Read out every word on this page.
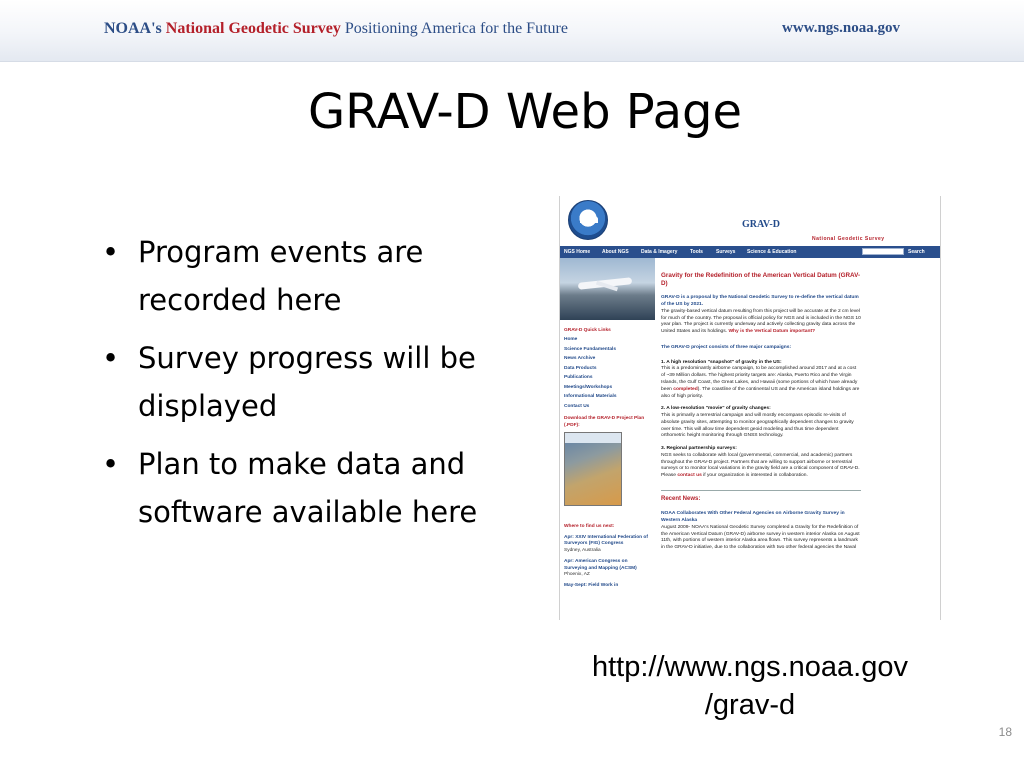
NOAA's National Geodetic Survey Positioning America for the Future	www.ngs.noaa.gov
GRAV-D Web Page
• Program events are recorded here
• Survey progress will be displayed
• Plan to make data and software available here
GRAV-D
National Geodetic Survey
NGS Home About NGS Data & Imagery	Tools	Surveys Science & Education	Search
GRAV-D Quick Links
Home
Science Fundamentals
News Archive
Data Products
Publications
Meetings/Workshops
Informational Materials
Contact Us
Download the GRAV-D Project Plan (.PDF):
Where to find us next:
Apr: XXIV International Federation of Surveyors (FIG) Congress
Sydney, Australia
Apr: American Congress on Surveying and Mapping (ACSM)
Phoenix, AZ
May-Sept: Field Work in
Gravity for the Redefinition of the American Vertical Datum (GRAV-D)
GRAV-D is a proposal by the National Geodetic Survey to re-define the vertical datum of the US by 2021.
The gravity-based vertical datum resulting from this project will be accurate at the 2 cm level for much of the country. The proposal is official policy for NGS and is included in the NGS 10 year plan. The project is currently underway and actively collecting gravity data across the United States and its holdings. Why is the Vertical Datum important?
The GRAV-D project consists of three major campaigns:
1. A high resolution "snapshot" of gravity in the US:
This is a predominantly airborne campaign, to be accomplished around 2017 and at a cost of ~39 Million dollars. The highest priority targets are: Alaska, Puerto Rico and the Virgin Islands, the Gulf Coast, the Great Lakes, and Hawaii (some portions of which have already been completed). The coastline of the continental US and the American island holdings are also of high priority.
2. A low-resolution "movie" of gravity changes:
This is primarily a terrestrial campaign and will mostly encompass episodic re-visits of absolute gravity sites, attempting to monitor geographically dependent changes to gravity over time. This will allow time dependent geoid modeling and thus time dependent orthometric height monitoring through GNSS technology.
3. Regional partnership surveys:
NGS seeks to collaborate with local (governmental, commercial, and academic) partners throughout the GRAV-D project. Partners that are willing to support airborne or terrestrial surveys or to monitor local variations in the gravity field are a critical component of GRAV-D. Please contact us if your organization is interested in collaboration.
Recent News:
NOAA Collaborates With Other Federal Agencies on Airborne Gravity Survey in Western Alaska
August 2009- NOAA's National Geodetic Survey completed a Gravity for the Redefinition of the American Vertical Datum (GRAV-D) airborne survey in western interior Alaska on August 11th, with portions of western interior Alaska area flown. This survey represents a landmark in the GRAV-D initiative, due to the collaboration with two other federal agencies the Naval
http://www.ngs.noaa.gov
/grav-d
18
